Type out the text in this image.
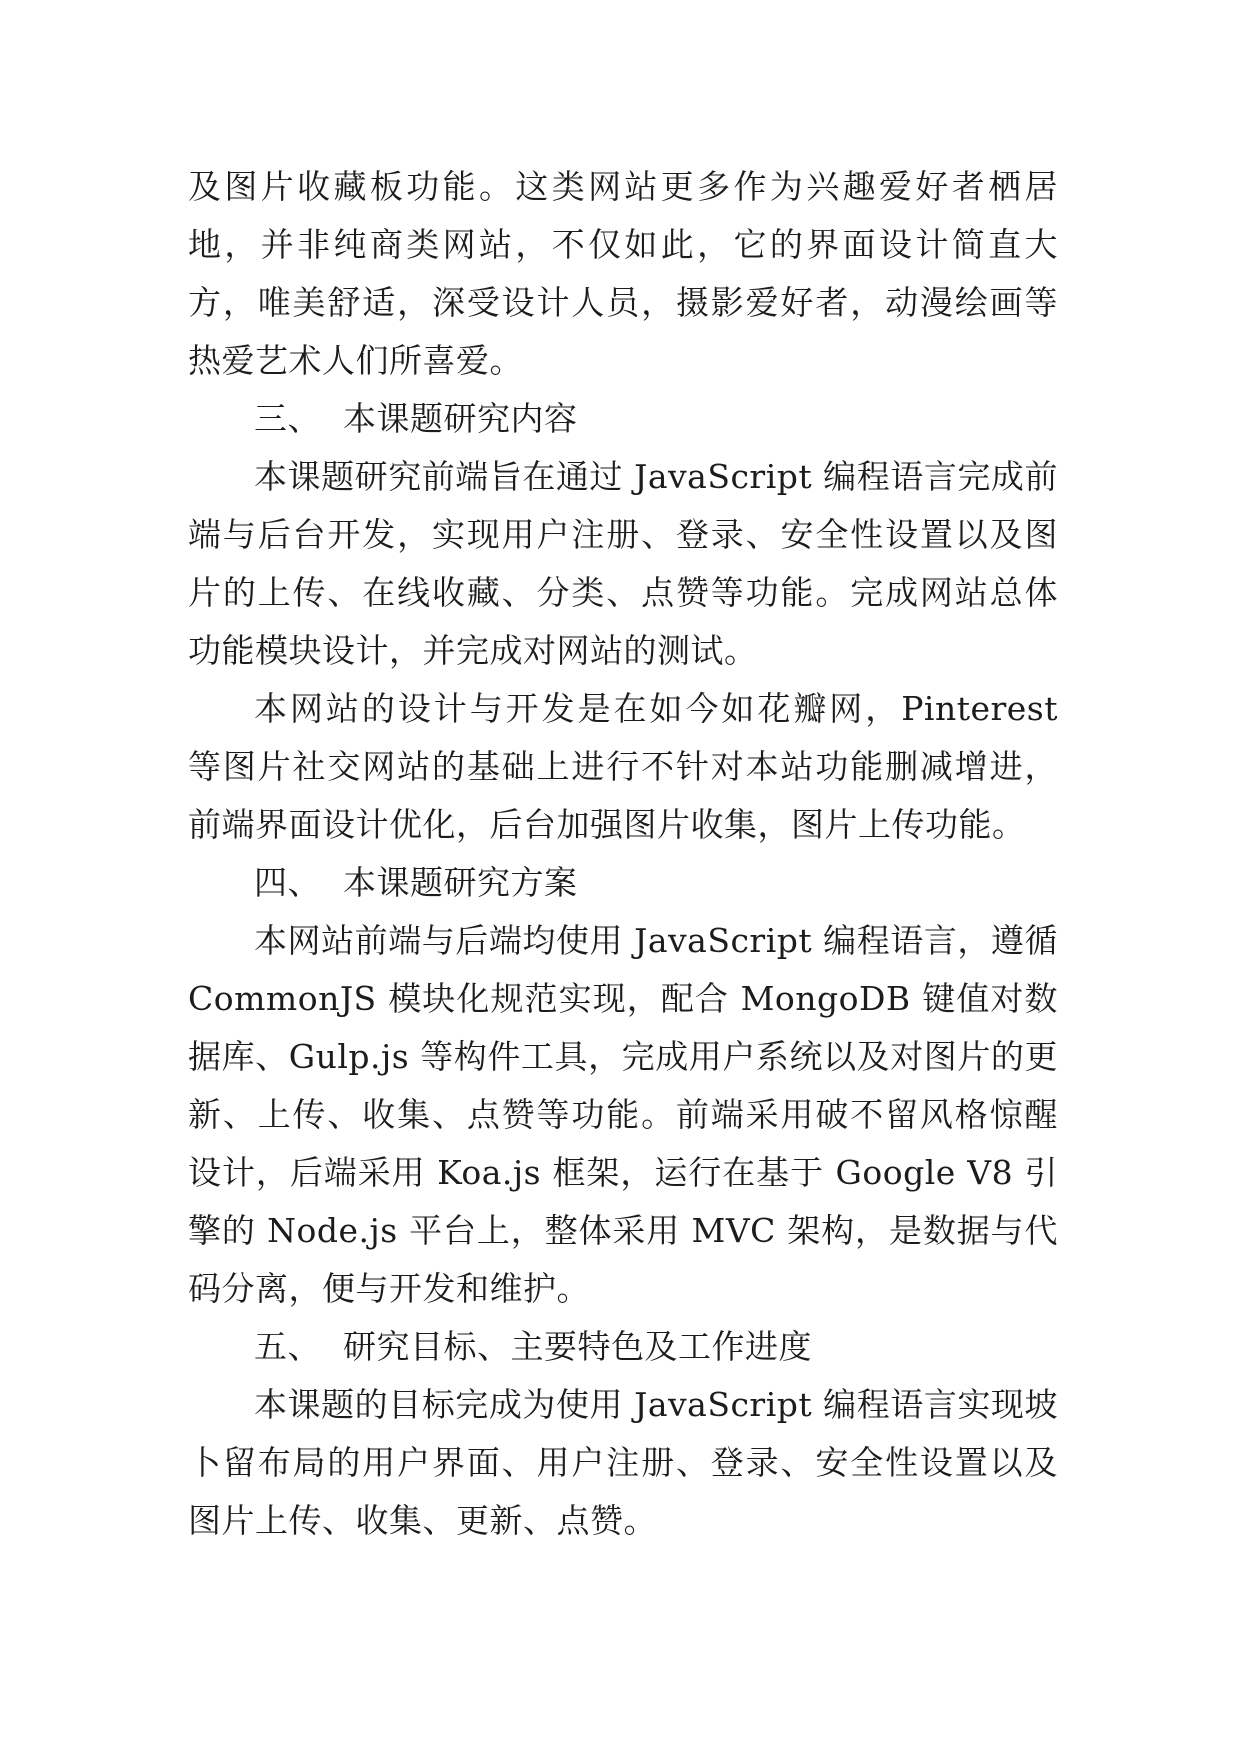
及图片收藏板功能。这类网站更多作为兴趣爱好者栖居地，并非纯商类网站，不仅如此，它的界面设计简直大方，唯美舒适，深受设计人员，摄影爱好者，动漫绘画等热爱艺术人们所喜爱。

三、  本课题研究内容

本课题研究前端旨在通过 JavaScript 编程语言完成前端与后台开发，实现用户注册、登录、安全性设置以及图片的上传、在线收藏、分类、点赞等功能。完成网站总体功能模块设计，并完成对网站的测试。

本网站的设计与开发是在如今如花瓣网，Pinterest 等图片社交网站的基础上进行不针对本站功能删减增进，前端界面设计优化，后台加强图片收集，图片上传功能。

四、  本课题研究方案

本网站前端与后端均使用 JavaScript 编程语言，遵循 CommonJS 模块化规范实现，配合 MongoDB 键值对数据库、Gulp.js 等构件工具，完成用户系统以及对图片的更新、上传、收集、点赞等功能。前端采用破不留风格惊醒设计，后端采用 Koa.js 框架，运行在基于 Google V8 引擎的 Node.js 平台上，整体采用 MVC 架构，是数据与代码分离，便与开发和维护。

五、  研究目标、主要特色及工作进度

本课题的目标完成为使用 JavaScript 编程语言实现坡卜留布局的用户界面、用户注册、登录、安全性设置以及图片上传、收集、更新、点赞。
